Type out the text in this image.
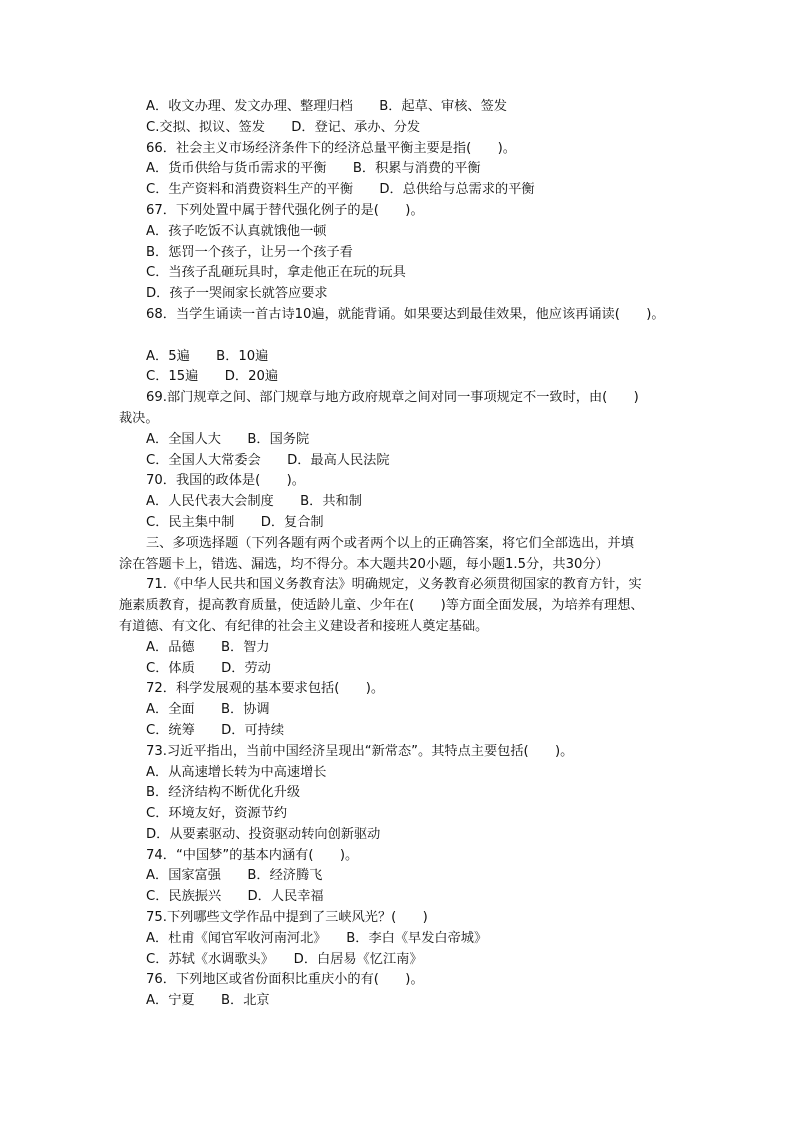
A．收文办理、发文办理、整理归档　　B．起草、审核、签发
C.交拟、拟议、签发　　D．登记、承办、分发
66．社会主义市场经济条件下的经济总量平衡主要是指(　　)。
A．货币供给与货币需求的平衡　　B．积累与消费的平衡
C．生产资料和消费资料生产的平衡　　D．总供给与总需求的平衡
67．下列处置中属于替代强化例子的是(　　)。
A．孩子吃饭不认真就饿他一顿
B．惩罚一个孩子，让另一个孩子看
C．当孩子乱砸玩具时，拿走他正在玩的玩具
D．孩子一哭闹家长就答应要求
68．当学生诵读一首古诗10遍，就能背诵。如果要达到最佳效果，他应该再诵读(　　)。
A．5遍　　B．10遍
C．15遍　　D．20遍
69.部门规章之间、部门规章与地方政府规章之间对同一事项规定不一致时，由(　　)
裁决。
A．全国人大　　B．国务院
C．全国人大常委会　　D．最高人民法院
70．我国的政体是(　　)。
A．人民代表大会制度　　B．共和制
C．民主集中制　　D．复合制
三、多项选择题（下列各题有两个或者两个以上的正确答案，将它们全部选出，并填
涂在答题卡上，错选、漏选，均不得分。本大题共20小题，每小题1.5分，共30分）
71.《中华人民共和国义务教育法》明确规定，义务教育必须贯彻国家的教育方针，实
施素质教育，提高教育质量，使适龄儿童、少年在(　　)等方面全面发展，为培养有理想、
有道德、有文化、有纪律的社会主义建设者和接班人奠定基础。
A．品德　　B．智力
C．体质　　D．劳动
72．科学发展观的基本要求包括(　　)。
A．全面　　B．协调
C．统筹　　D．可持续
73.习近平指出，当前中国经济呈现出“新常态”。其特点主要包括(　　)。
A．从高速增长转为中高速增长
B．经济结构不断优化升级
C．环境友好，资源节约
D．从要素驱动、投资驱动转向创新驱动
74．“中国梦”的基本内涵有(　　)。
A．国家富强　　B．经济腾飞
C．民族振兴　　D．人民幸福
75.下列哪些文学作品中提到了三峡风光？(　　)
A．杜甫《闻官军收河南河北》　　B．李白《早发白帝城》
C．苏轼《水调歌头》　　D．白居易《忆江南》
76．下列地区或省份面积比重庆小的有(　　)。
A．宁夏　　B．北京
